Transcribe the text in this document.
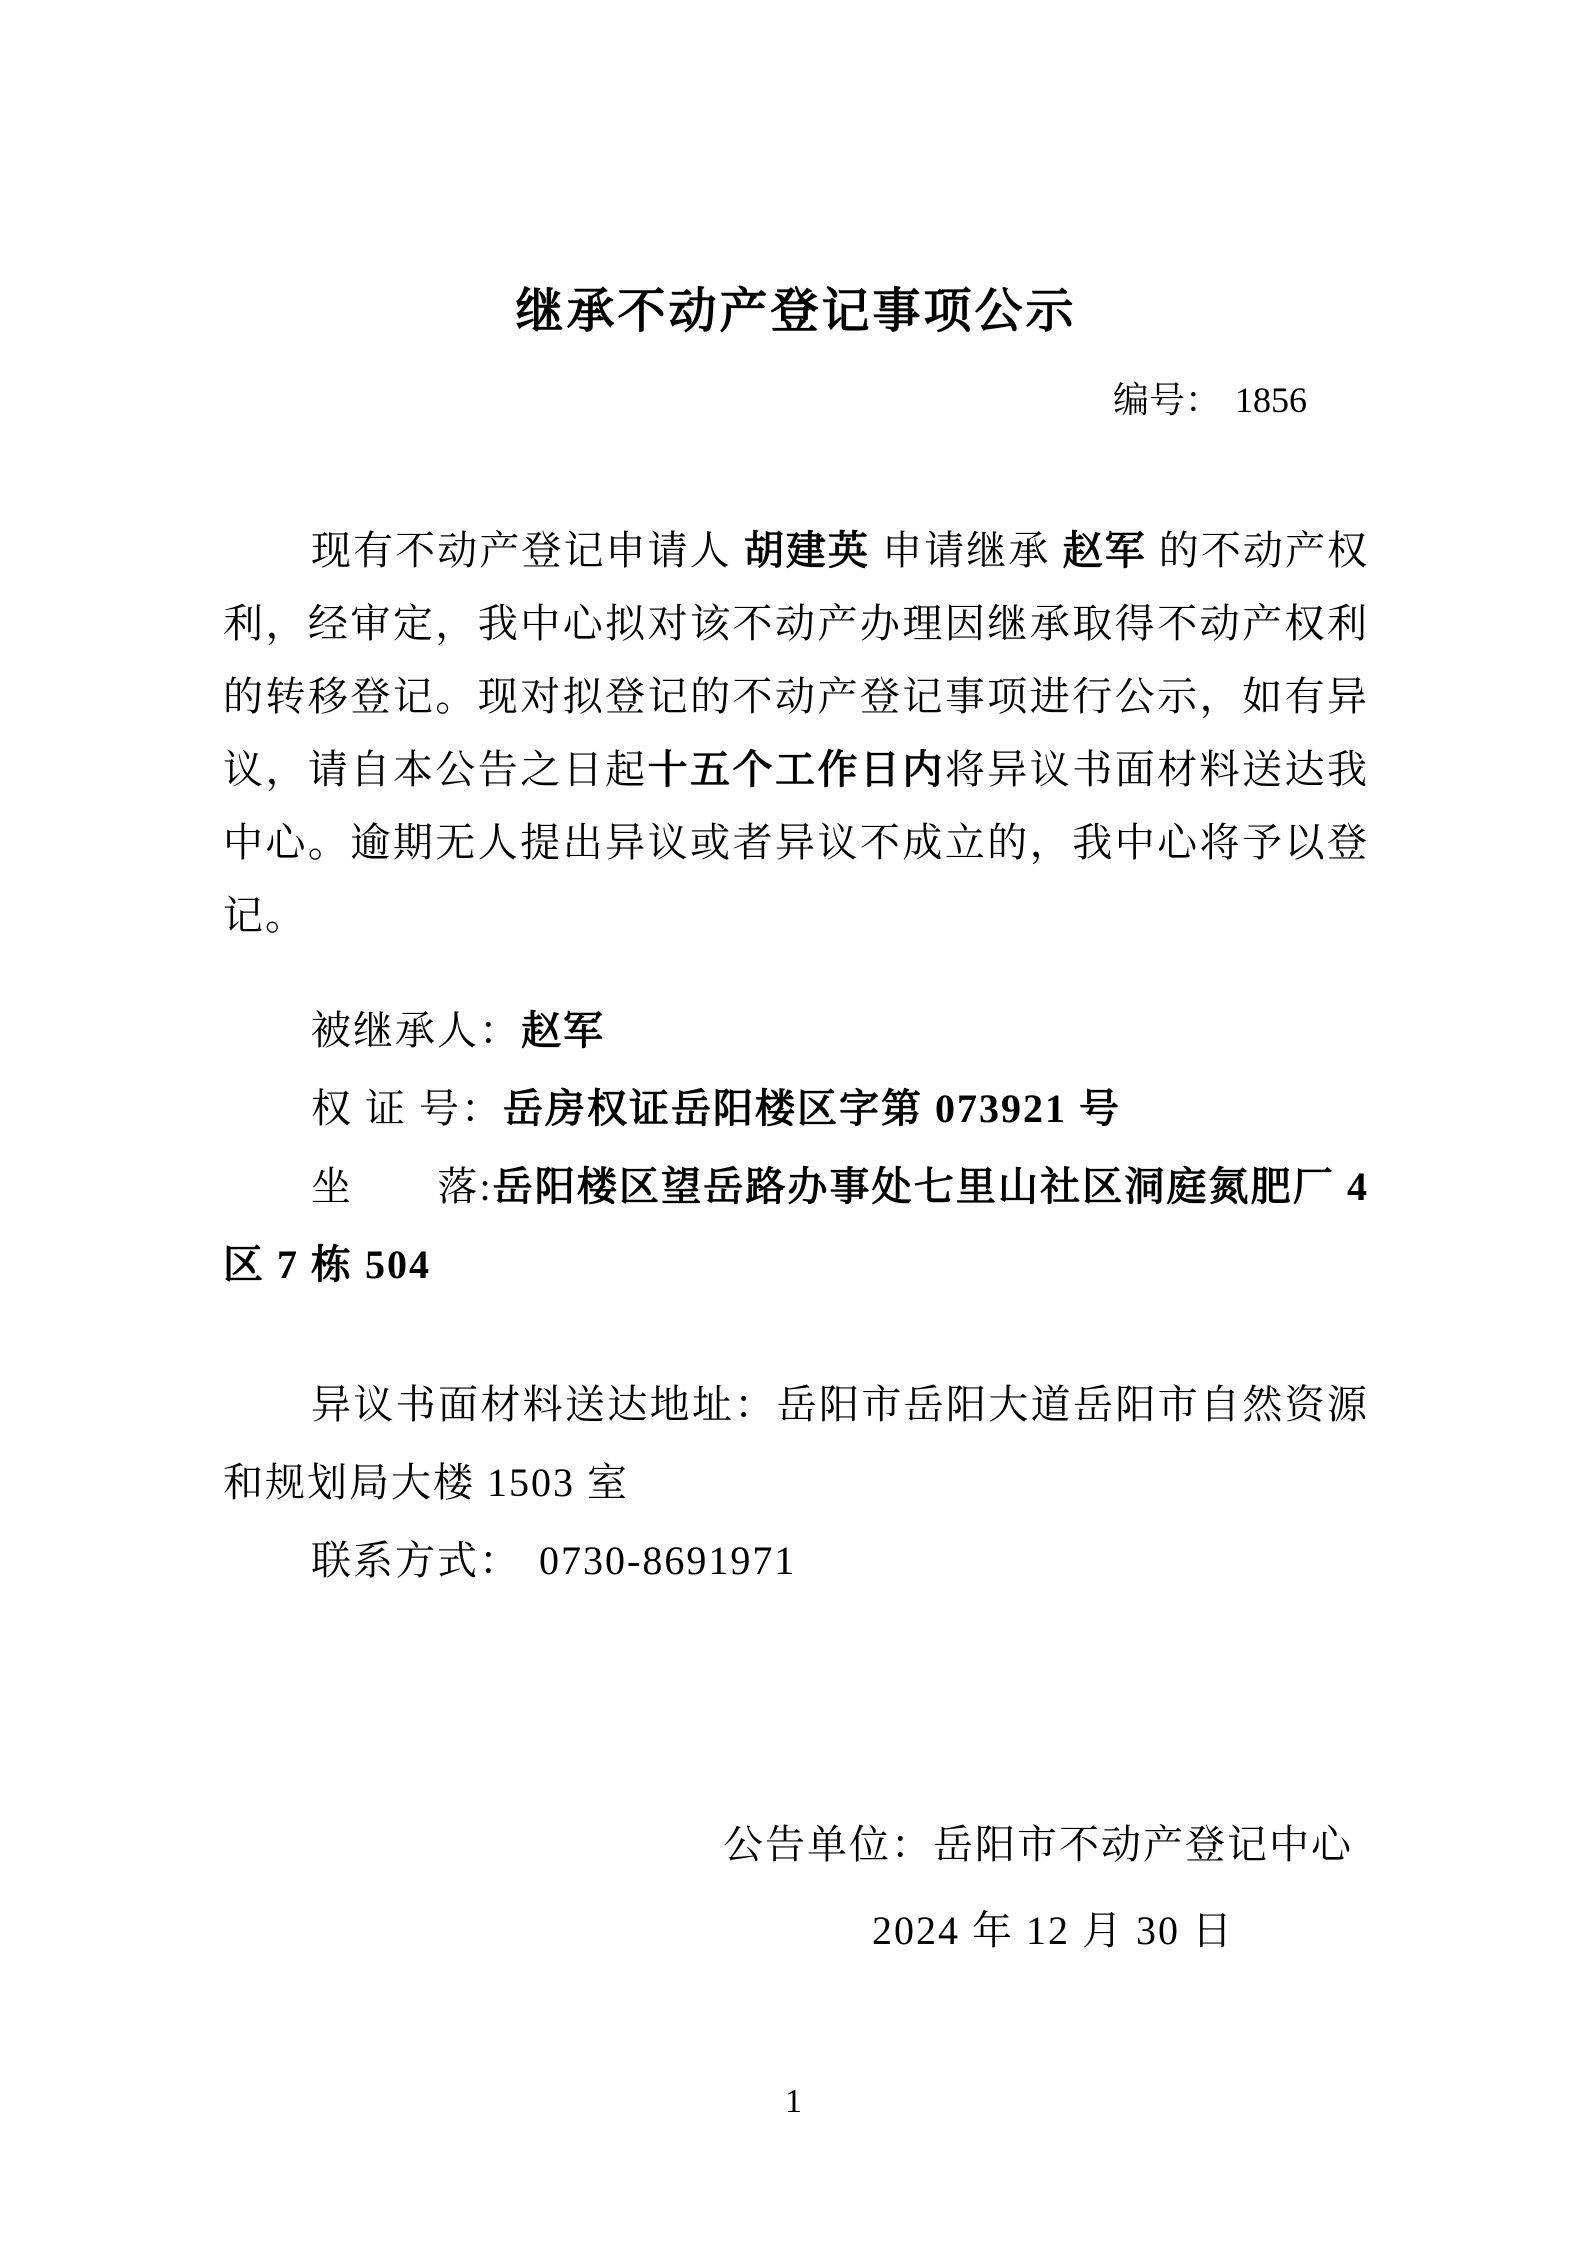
继承不动产登记事项公示
编号： 1856

现有不动产登记申请人 胡建英 申请继承 赵军 的不动产权利，经审定，我中心拟对该不动产办理因继承取得不动产权利的转移登记。现对拟登记的不动产登记事项进行公示，如有异议，请自本公告之日起十五个工作日内将异议书面材料送达我中心。逾期无人提出异议或者异议不成立的，我中心将予以登记。

被继承人：赵军
权 证 号：岳房权证岳阳楼区字第 073921 号
坐　　落:岳阳楼区望岳路办事处七里山社区洞庭氮肥厂 4 区 7 栋 504
异议书面材料送达地址：岳阳市岳阳大道岳阳市自然资源和规划局大楼 1503 室
联系方式： 0730-8691971
公告单位：岳阳市不动产登记中心
2024 年 12 月 30 日
1
